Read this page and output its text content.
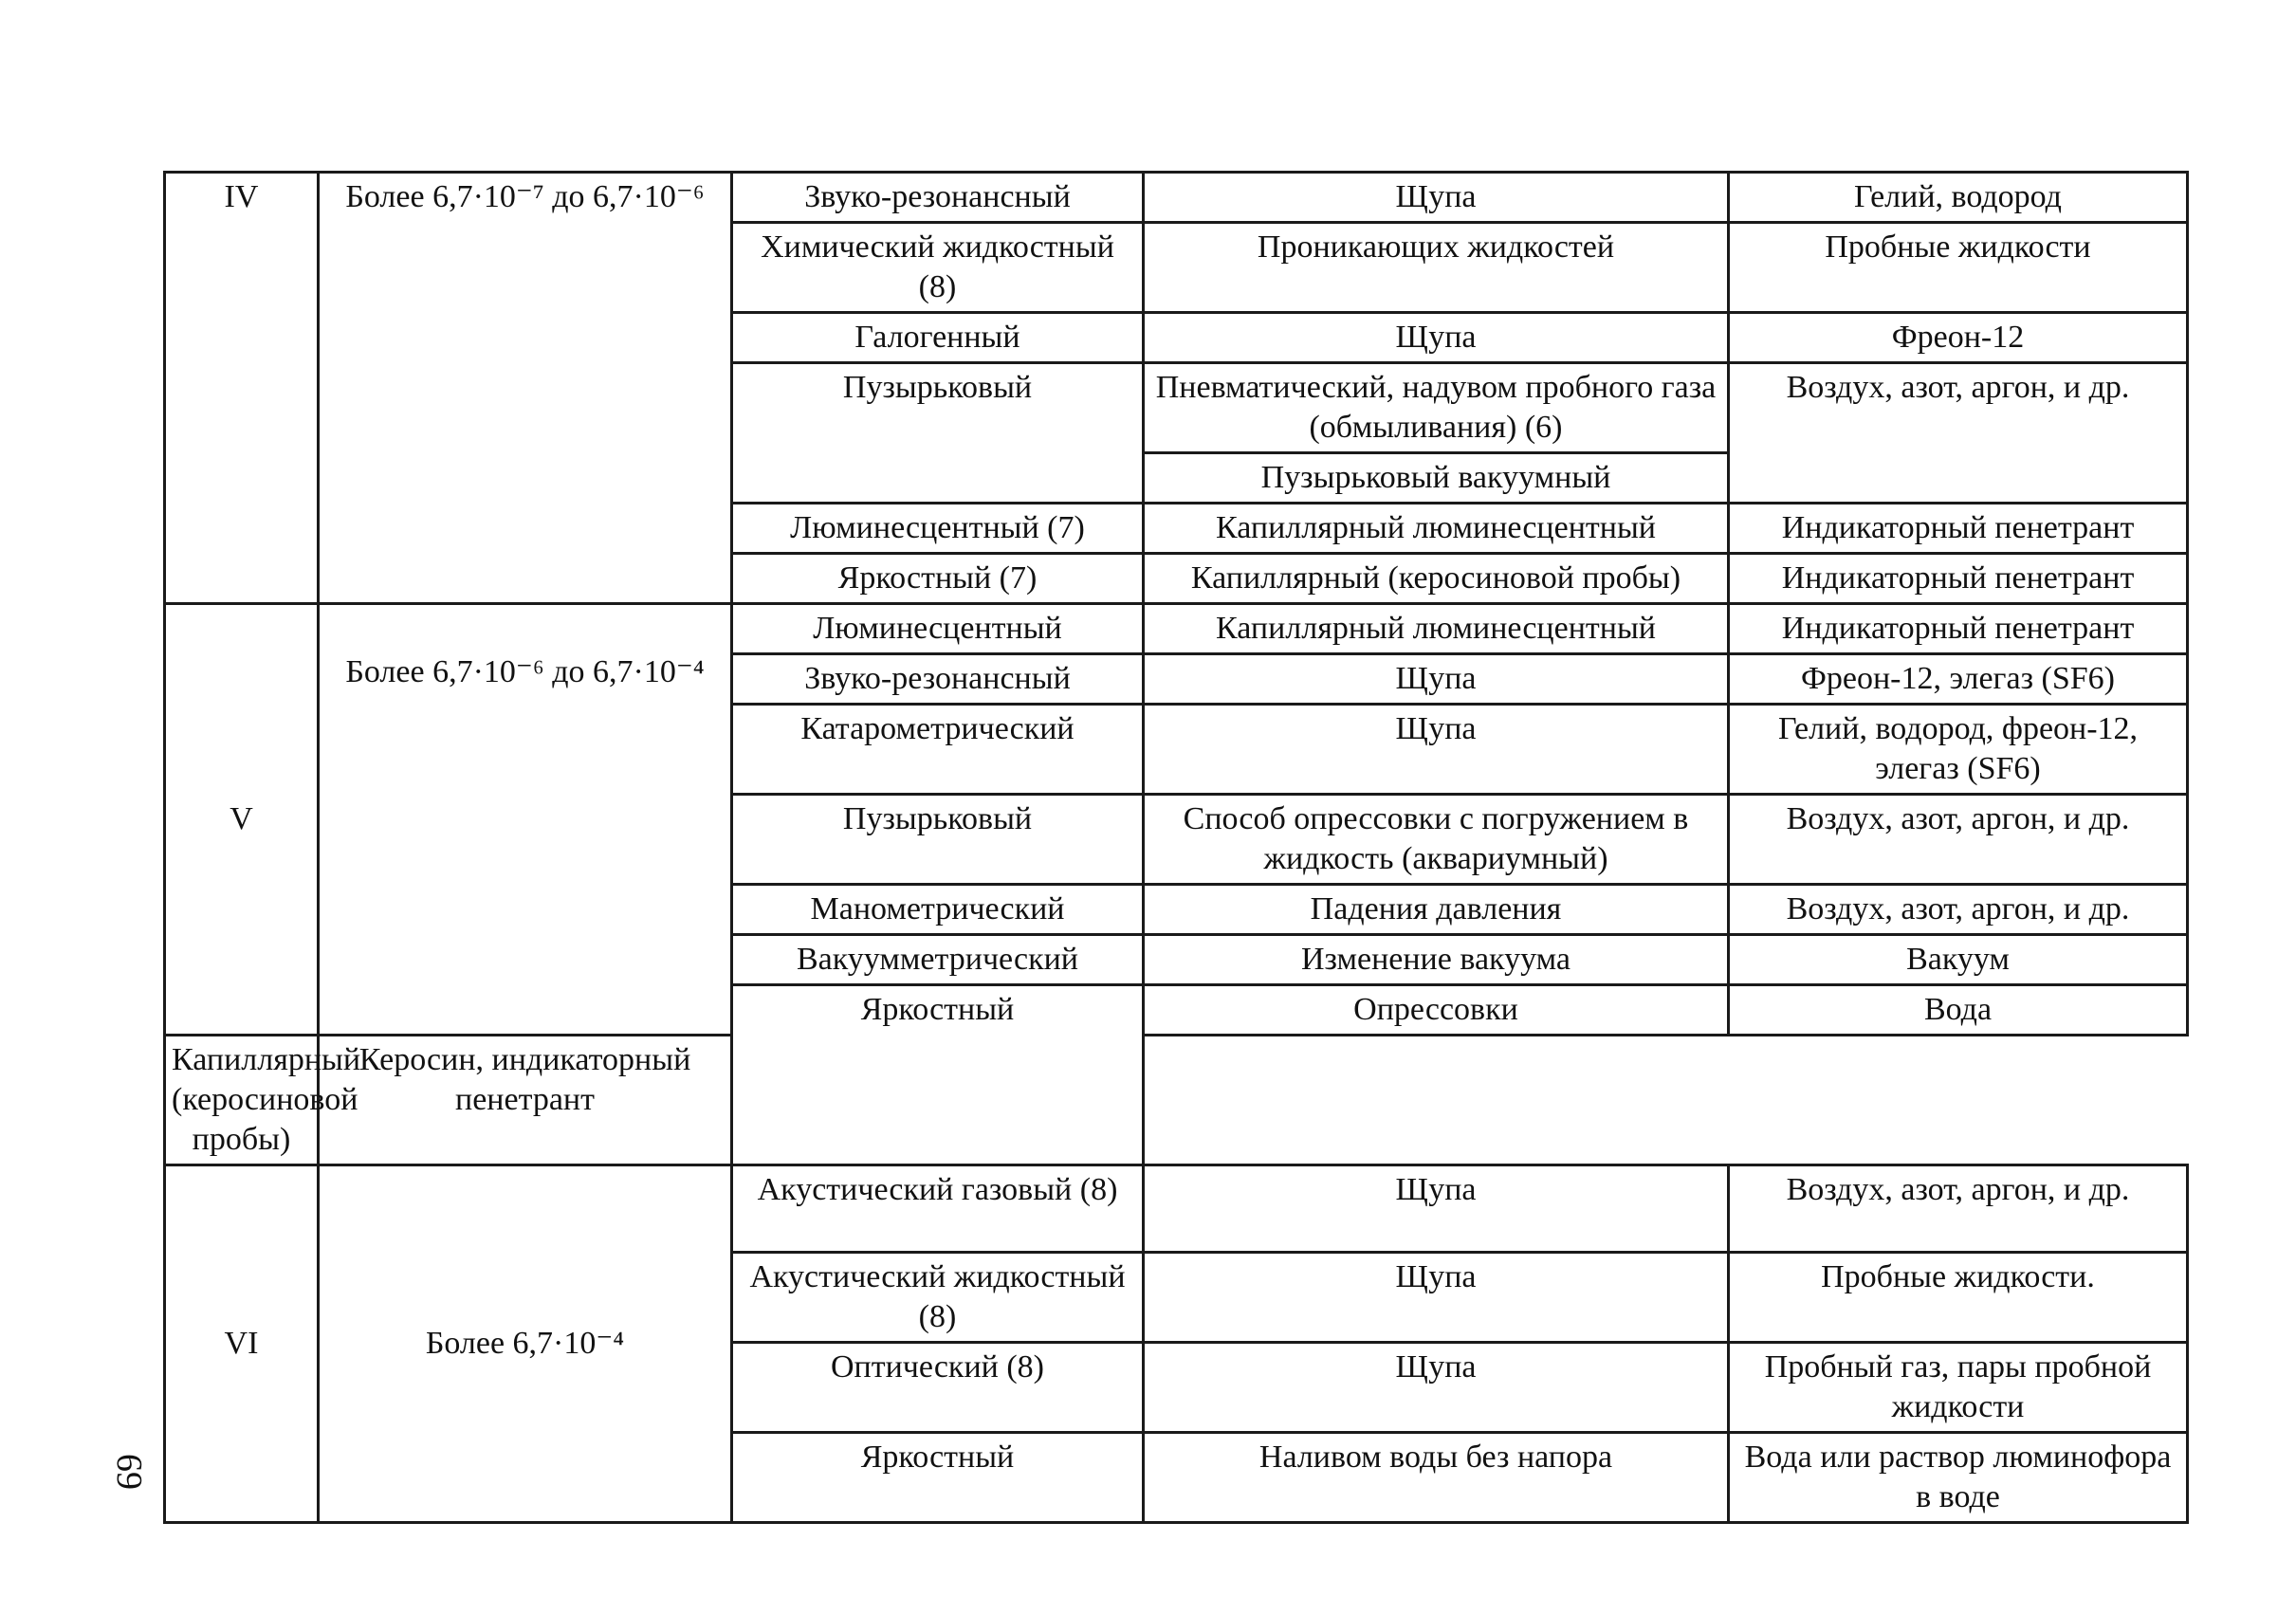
IV	Более 6,7·10⁻⁷ до 6,7·10⁻⁶	Звуко-резонансный	Щупа	Гелий, водород
		Химический жидкостный (8)	Проникающих жидкостей	Пробные жидкости
		Галогенный	Щупа	Фреон-12
		Пузырьковый	Пневматический, надувом пробного газа (обмыливания) (6)	Воздух, азот, аргон, и др.
			Пузырьковый вакуумный	
		Люминесцентный (7)	Капиллярный люминесцентный	Индикаторный пенетрант
		Яркостный (7)	Капиллярный (керосиновой пробы)	Индикаторный пенетрант
V	Более 6,7·10⁻⁶ до 6,7·10⁻⁴	Люминесцентный	Капиллярный люминесцентный	Индикаторный пенетрант
		Звуко-резонансный	Щупа	Фреон-12, элегаз (SF6)
		Катарометрический	Щупа	Гелий, водород, фреон-12, элегаз (SF6)
		Пузырьковый	Способ опрессовки с погружением в жидкость (аквариумный)	Воздух, азот, аргон, и др.
		Манометрический	Падения давления	Воздух, азот, аргон, и др.
		Вакуумметрический	Изменение вакуума	Вакуум
		Яркостный	Опрессовки	Вода
Капиллярный (керосиновой пробы)	Керосин, индикаторный пенетрант			
VI	Более 6,7·10⁻⁴	Акустический газовый (8)	Щупа	Воздух, азот, аргон, и др.
		Акустический жидкостный (8)	Щупа	Пробные жидкости.
		Оптический (8)	Щупа	Пробный газ, пары пробной жидкости
		Яркостный	Наливом воды без напора	Вода или раствор люминофора в воде
69
